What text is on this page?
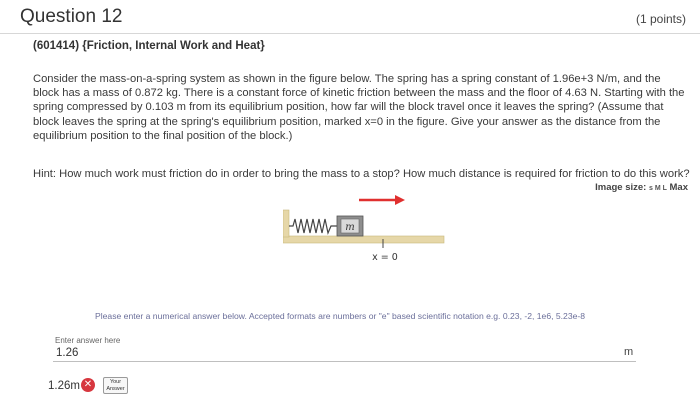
Question 12	(1 points)
(601414) {Friction, Internal Work and Heat}
Consider the mass-on-a-spring system as shown in the figure below. The spring has a spring constant of 1.96e+3 N/m, and the block has a mass of 0.872 kg. There is a constant force of kinetic friction between the mass and the floor of 4.63 N. Starting with the spring compressed by 0.103 m from its equilibrium position, how far will the block travel once it leaves the spring? (Assume that block leaves the spring at the spring's equilibrium position, marked x=0 in the figure. Give your answer as the distance from the equilibrium position to the final position of the block.)
Hint: How much work must friction do in order to bring the mass to a stop? How much distance is required for friction to do this work?
Image size: s M L Max
m
x = 0
Please enter a numerical answer below. Accepted formats are numbers or "e" based scientific notation e.g. 0.23, -2, 1e6, 5.23e-8
Enter answer here
1.26
m
1.26m ✕	Your
Answer
